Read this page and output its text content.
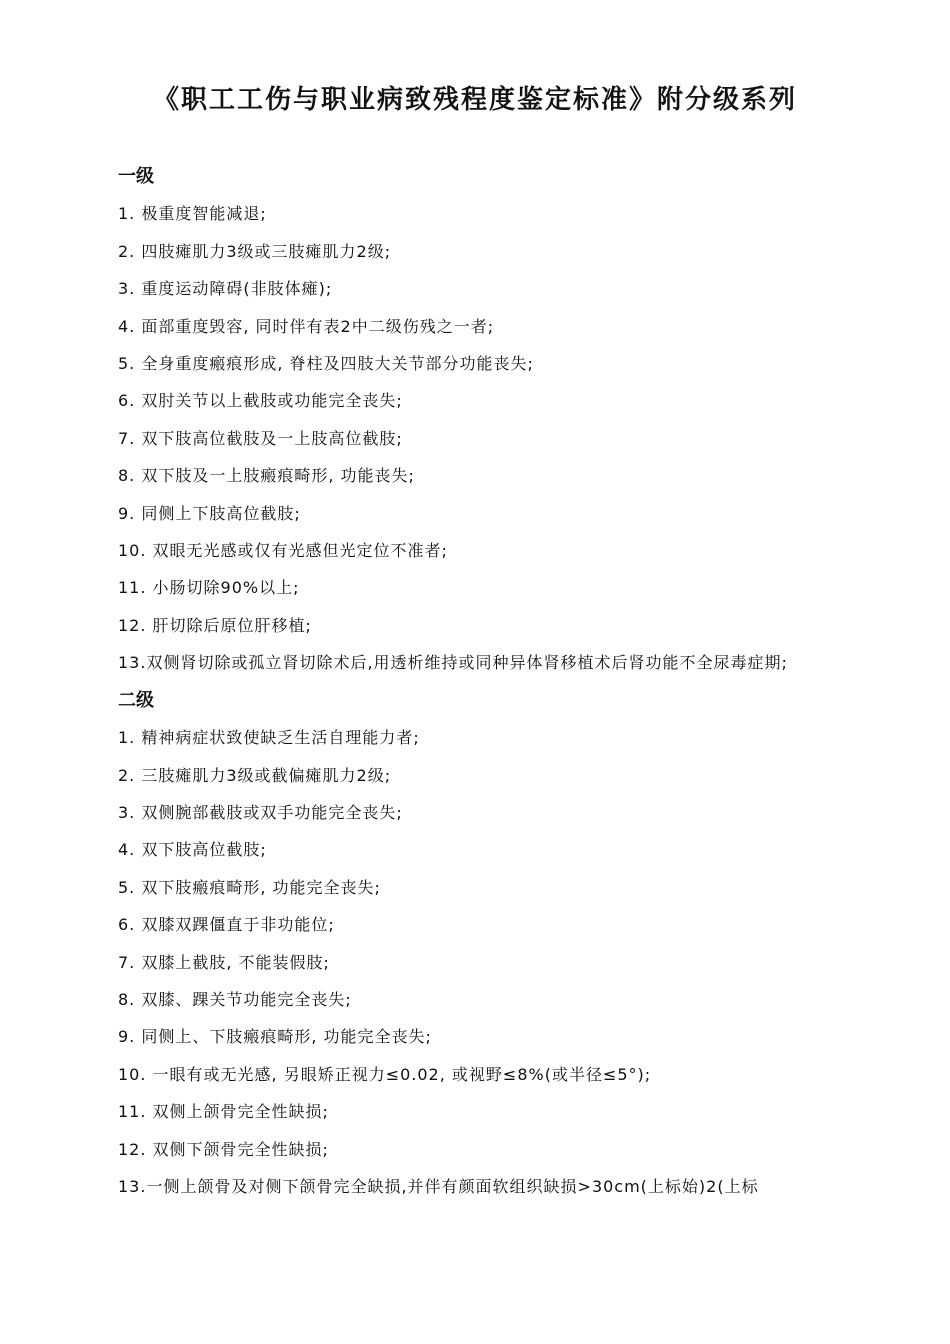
《职工工伤与职业病致残程度鉴定标准》附分级系列

一级

1. 极重度智能减退;

2. 四肢瘫肌力3级或三肢瘫肌力2级;

3. 重度运动障碍(非肢体瘫);

4. 面部重度毁容, 同时伴有表2中二级伤残之一者;

5. 全身重度瘢痕形成, 脊柱及四肢大关节部分功能丧失;

6. 双肘关节以上截肢或功能完全丧失;

7. 双下肢高位截肢及一上肢高位截肢;

8. 双下肢及一上肢瘢痕畸形, 功能丧失;

9. 同侧上下肢高位截肢;

10. 双眼无光感或仅有光感但光定位不准者;

11. 小肠切除90%以上;

12. 肝切除后原位肝移植;

13.双侧肾切除或孤立肾切除术后,用透析维持或同种异体肾移植术后肾功能不全尿毒症期;

二级

1. 精神病症状致使缺乏生活自理能力者;

2. 三肢瘫肌力3级或截偏瘫肌力2级;

3. 双侧腕部截肢或双手功能完全丧失;

4. 双下肢高位截肢;

5. 双下肢瘢痕畸形, 功能完全丧失;

6. 双膝双踝僵直于非功能位;

7. 双膝上截肢, 不能装假肢;

8. 双膝、踝关节功能完全丧失;

9. 同侧上、下肢瘢痕畸形, 功能完全丧失;

10. 一眼有或无光感, 另眼矫正视力≤0.02, 或视野≤8%(或半径≤5°);

11. 双侧上颌骨完全性缺损;

12. 双侧下颌骨完全性缺损;

13.一侧上颌骨及对侧下颌骨完全缺损,并伴有颜面软组织缺损>30cm(上标始)2(上标
